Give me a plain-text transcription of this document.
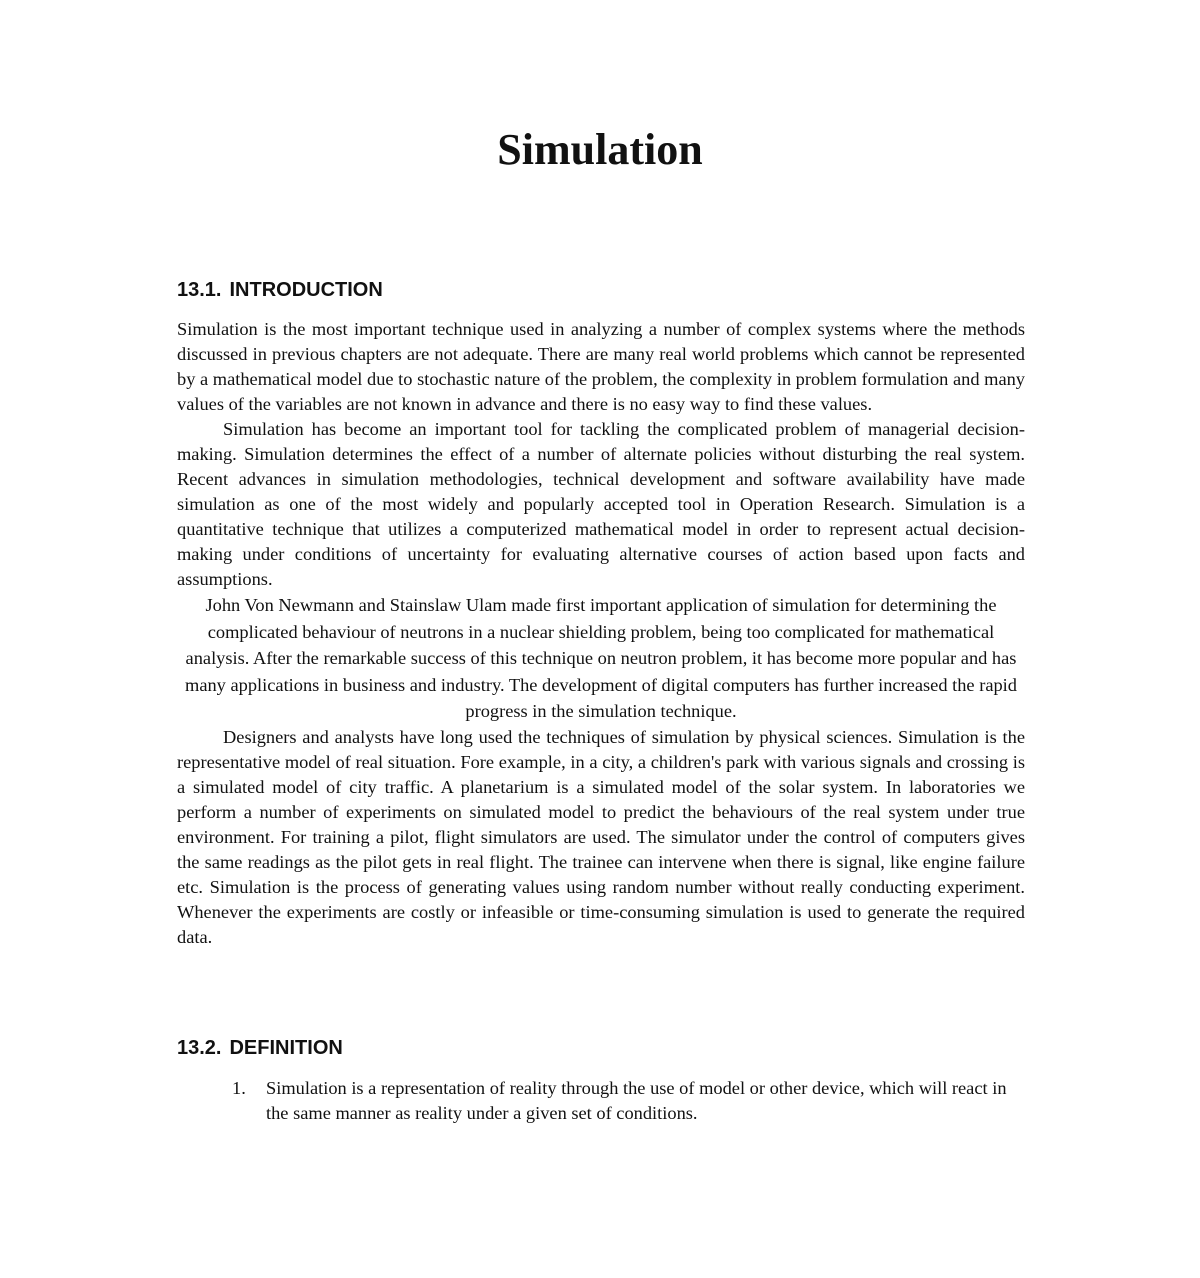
Simulation
13.1. INTRODUCTION

Simulation is the most important technique used in analyzing a number of complex systems where the methods discussed in previous chapters are not adequate. There are many real world problems which cannot be represented by a mathematical model due to stochastic nature of the problem, the complexity in problem formulation and many values of the variables are not known in advance and there is no easy way to find these values.

Simulation has become an important tool for tackling the complicated problem of managerial decision-making. Simulation determines the effect of a number of alternate policies without disturbing the real system. Recent advances in simulation methodologies, technical development and software availability have made simulation as one of the most widely and popularly accepted tool in Operation Research. Simulation is a quantitative technique that utilizes a computerized mathematical model in order to represent actual decision-making under conditions of uncertainty for evaluating alternative courses of action based upon facts and assumptions.

John Von Newmann and Stainslaw Ulam made first important application of simulation for determining the complicated behaviour of neutrons in a nuclear shielding problem, being too complicated for mathematical analysis. After the remarkable success of this technique on neutron problem, it has become more popular and has many applications in business and industry. The development of digital computers has further increased the rapid progress in the simulation technique.

Designers and analysts have long used the techniques of simulation by physical sciences. Simulation is the representative model of real situation. Fore example, in a city, a children's park with various signals and crossing is a simulated model of city traffic. A planetarium is a simulated model of the solar system. In laboratories we perform a number of experiments on simulated model to predict the behaviours of the real system under true environment. For training a pilot, flight simulators are used. The simulator under the control of computers gives the same readings as the pilot gets in real flight. The trainee can intervene when there is signal, like engine failure etc. Simulation is the process of generating values using random number without really conducting experiment. Whenever the experiments are costly or infeasible or time-consuming simulation is used to generate the required data.

13.2. DEFINITION
1. Simulation is a representation of reality through the use of model or other device, which will react in the same manner as reality under a given set of conditions.
